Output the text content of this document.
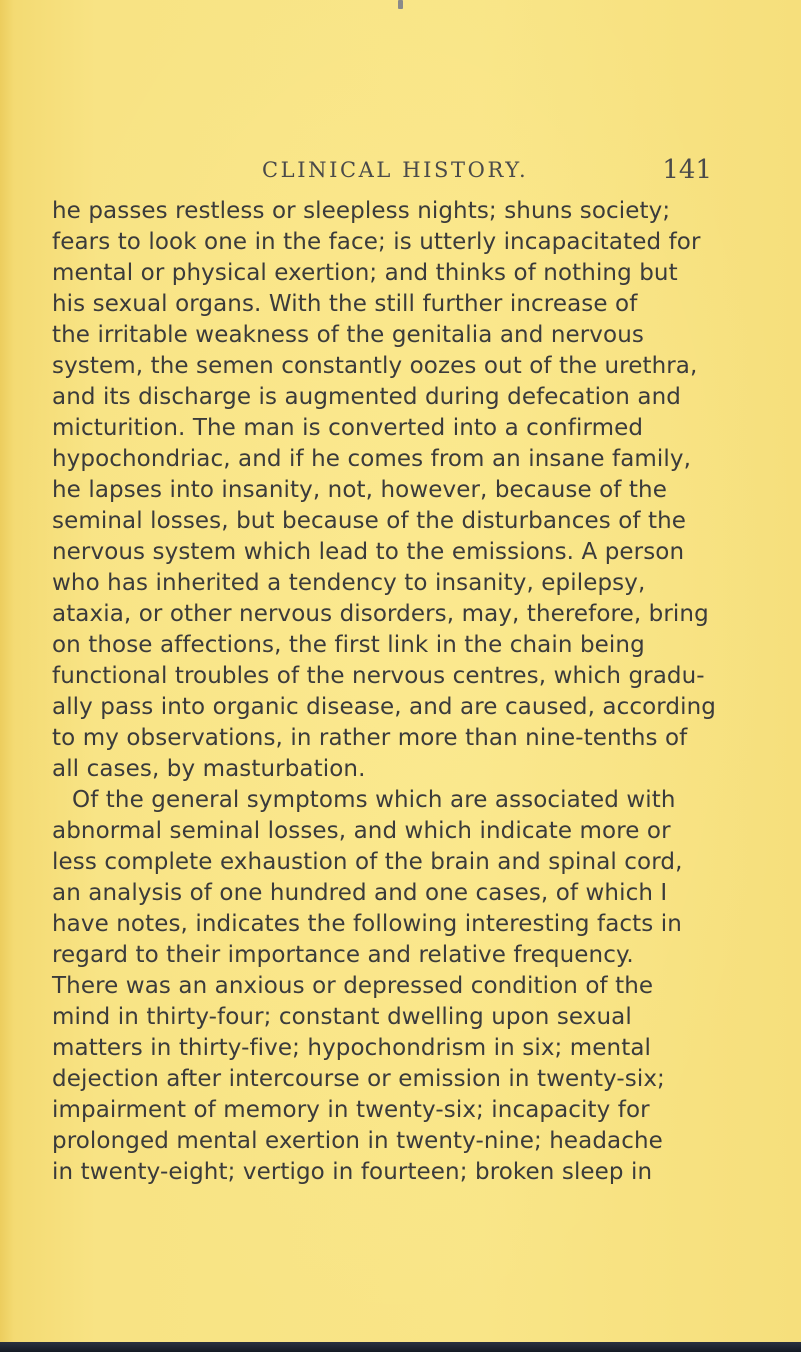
CLINICAL HISTORY.	141
he passes restless or sleepless nights; shuns society;
fears to look one in the face; is utterly incapacitated for
mental or physical exertion; and thinks of nothing but
his sexual organs. With the still further increase of
the irritable weakness of the genitalia and nervous
system, the semen constantly oozes out of the urethra,
and its discharge is augmented during defecation and
micturition. The man is converted into a confirmed
hypochondriac, and if he comes from an insane family,
he lapses into insanity, not, however, because of the
seminal losses, but because of the disturbances of the
nervous system which lead to the emissions. A person
who has inherited a tendency to insanity, epilepsy,
ataxia, or other nervous disorders, may, therefore, bring
on those affections, the first link in the chain being
functional troubles of the nervous centres, which gradu-
ally pass into organic disease, and are caused, according
to my observations, in rather more than nine-tenths of
all cases, by masturbation.
Of the general symptoms which are associated with
abnormal seminal losses, and which indicate more or
less complete exhaustion of the brain and spinal cord,
an analysis of one hundred and one cases, of which I
have notes, indicates the following interesting facts in
regard to their importance and relative frequency.
There was an anxious or depressed condition of the
mind in thirty-four; constant dwelling upon sexual
matters in thirty-five; hypochondrism in six; mental
dejection after intercourse or emission in twenty-six;
impairment of memory in twenty-six; incapacity for
prolonged mental exertion in twenty-nine; headache
in twenty-eight; vertigo in fourteen; broken sleep in
